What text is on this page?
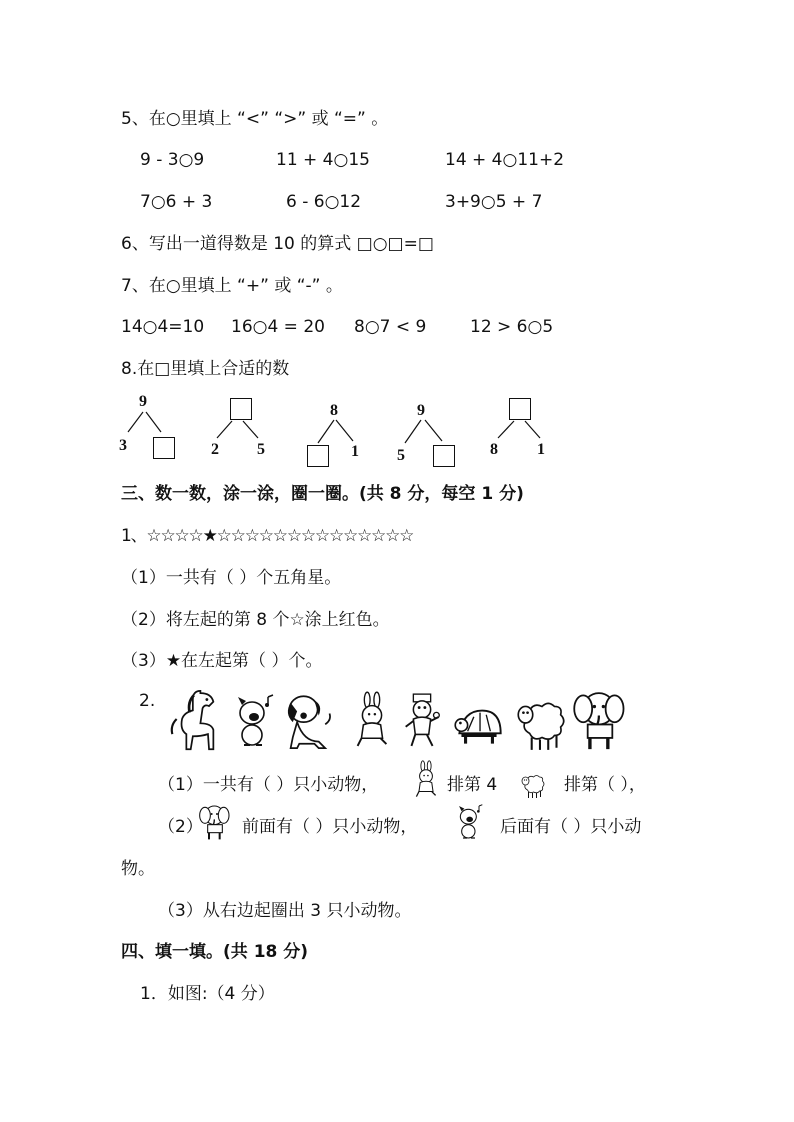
5、在○里填上 “<” “>” 或 “=” 。
9 - 3○9	11 + 4○15	14 + 4○11+2
7○6 + 3	6 - 6○12	3+9○5 + 7
6、写出一道得数是 10 的算式 □○□=□
7、在○里填上 “+” 或 “-” 。
14○4=10 16○4 = 20 8○7 < 9	12 > 6○5
8.在□里填上合适的数
9
3	2 5
8
1
9
5	8 1
三、数一数，涂一涂，圈一圈。(共 8 分，每空 1 分)
1、☆☆☆☆★☆☆☆☆☆☆☆☆☆☆☆☆☆☆
（1）一共有（ ）个五角星。
（2）将左起的第 8 个☆涂上红色。
（3）★在左起第（ ）个。
2.
（1）一共有（ ）只小动物，	排第 4	排第（ ），
（2） 前面有（ ）只小动物，	后面有（ ）只小动
物。
（3）从右边起圈出 3 只小动物。
四、填一填。(共 18 分)
1．如图:（4 分）
